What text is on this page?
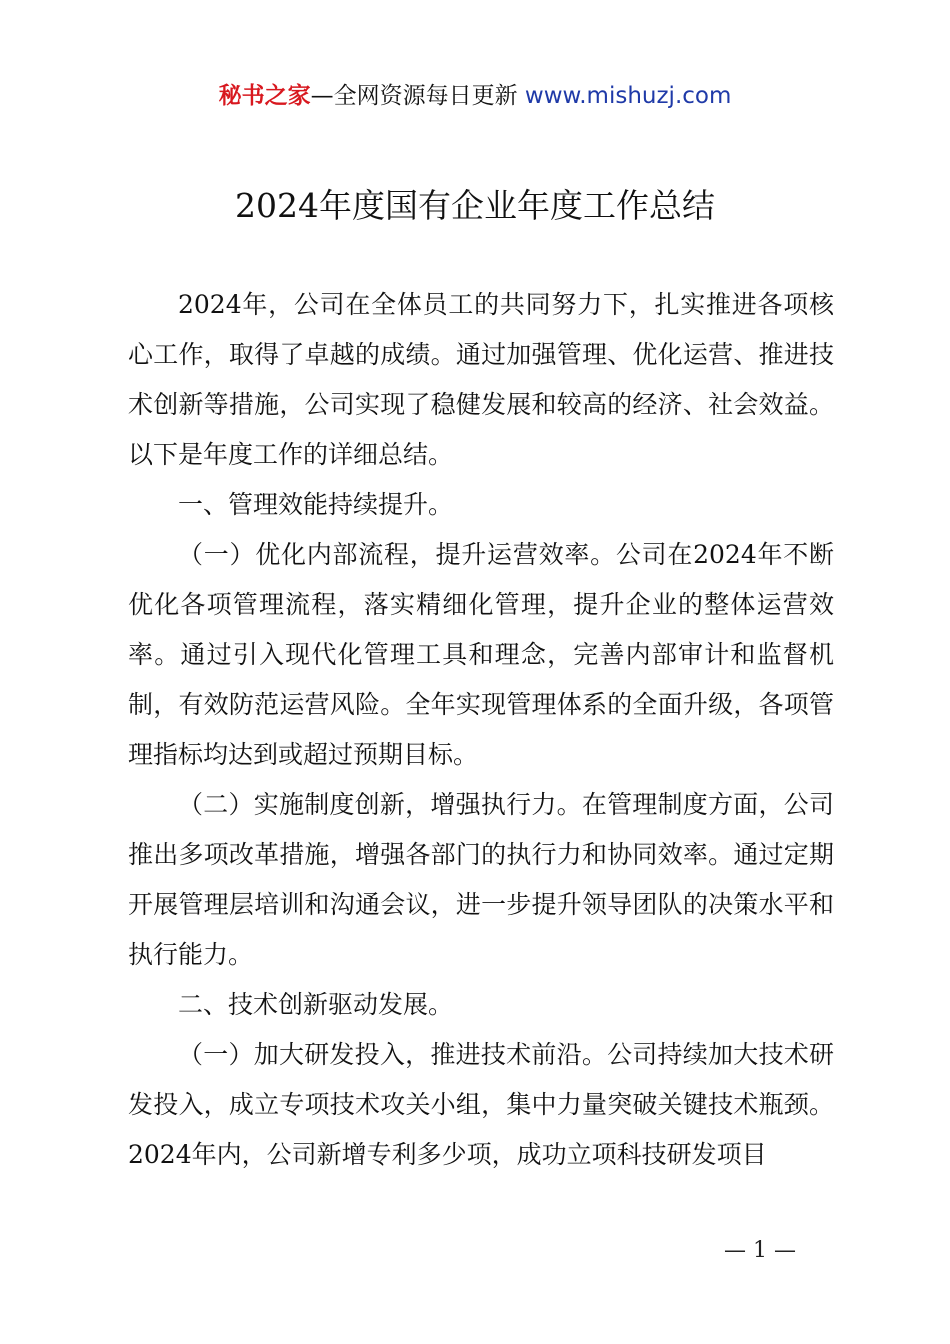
秘书之家—全网资源每日更新 www.mishuzj.com
2024年度国有企业年度工作总结

2024年，公司在全体员工的共同努力下，扎实推进各项核心工作，取得了卓越的成绩。通过加强管理、优化运营、推进技术创新等措施，公司实现了稳健发展和较高的经济、社会效益。以下是年度工作的详细总结。

一、管理效能持续提升。

（一）优化内部流程，提升运营效率。公司在2024年不断优化各项管理流程，落实精细化管理，提升企业的整体运营效率。通过引入现代化管理工具和理念，完善内部审计和监督机制，有效防范运营风险。全年实现管理体系的全面升级，各项管理指标均达到或超过预期目标。

（二）实施制度创新，增强执行力。在管理制度方面，公司推出多项改革措施，增强各部门的执行力和协同效率。通过定期开展管理层培训和沟通会议，进一步提升领导团队的决策水平和执行能力。

二、技术创新驱动发展。

（一）加大研发投入，推进技术前沿。公司持续加大技术研发投入，成立专项技术攻关小组，集中力量突破关键技术瓶颈。2024年内，公司新增专利多少项，成功立项科技研发项目

— 1 —
